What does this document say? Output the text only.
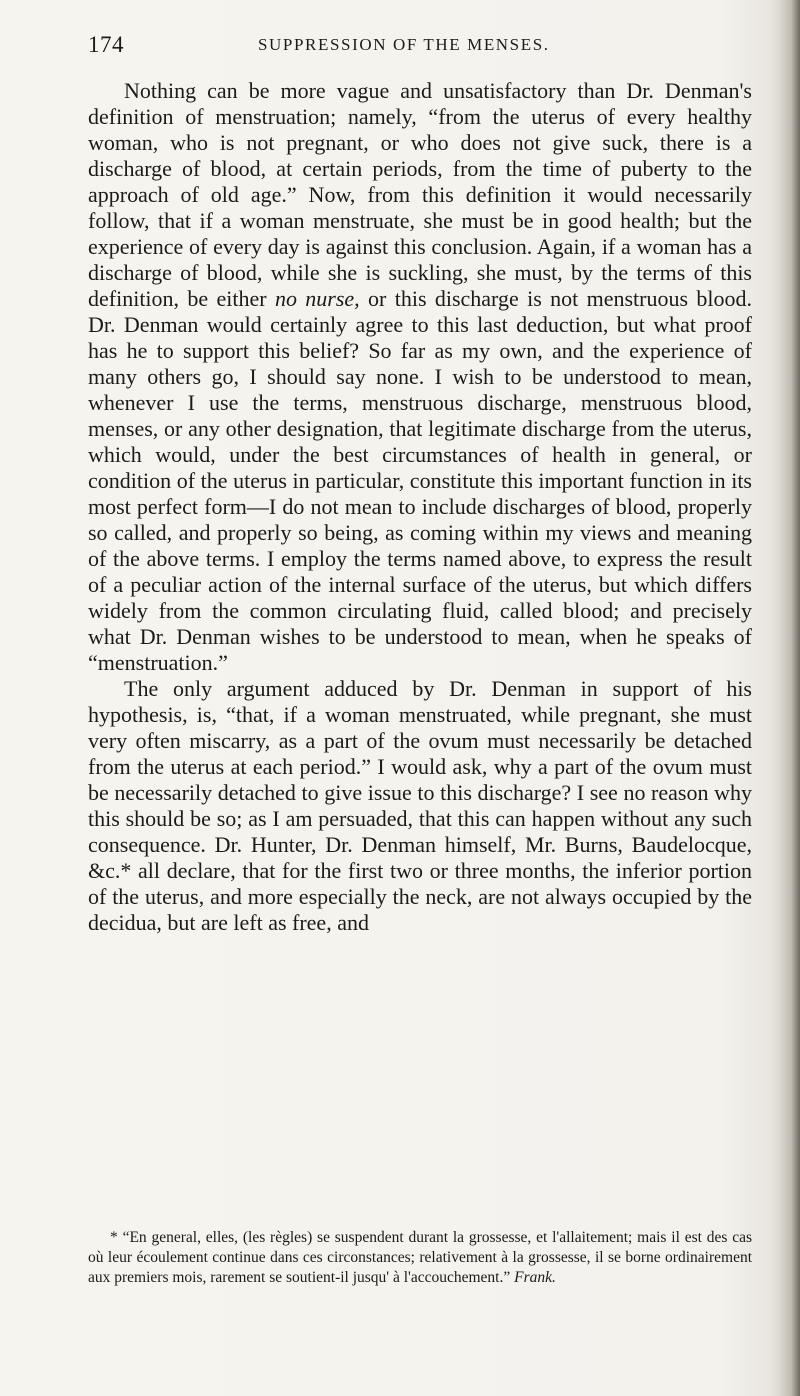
174	SUPPRESSION OF THE MENSES.

Nothing can be more vague and unsatisfactory than Dr. Denman's definition of menstruation; namely, “from the uterus of every healthy woman, who is not pregnant, or who does not give suck, there is a discharge of blood, at certain periods, from the time of puberty to the approach of old age.” Now, from this definition it would necessarily follow, that if a woman menstruate, she must be in good health; but the experience of every day is against this conclusion. Again, if a woman has a discharge of blood, while she is suckling, she must, by the terms of this definition, be either no nurse, or this discharge is not menstruous blood. Dr. Denman would certainly agree to this last deduction, but what proof has he to support this belief? So far as my own, and the experience of many others go, I should say none. I wish to be understood to mean, whenever I use the terms, menstruous discharge, menstruous blood, menses, or any other designation, that legitimate discharge from the uterus, which would, under the best circumstances of health in general, or condition of the uterus in particular, constitute this important function in its most perfect form—I do not mean to include discharges of blood, properly so called, and properly so being, as coming within my views and meaning of the above terms. I employ the terms named above, to express the result of a peculiar action of the internal surface of the uterus, but which differs widely from the common circulating fluid, called blood; and precisely what Dr. Denman wishes to be understood to mean, when he speaks of “menstruation.”

The only argument adduced by Dr. Denman in support of his hypothesis, is, “that, if a woman menstruated, while pregnant, she must very often miscarry, as a part of the ovum must necessarily be detached from the uterus at each period.” I would ask, why a part of the ovum must be necessarily detached to give issue to this discharge? I see no reason why this should be so; as I am persuaded, that this can happen without any such consequence. Dr. Hunter, Dr. Denman himself, Mr. Burns, Baudelocque, &c.* all declare, that for the first two or three months, the inferior portion of the uterus, and more especially the neck, are not always occupied by the decidua, but are left as free, and

* “En general, elles, (les règles) se suspendent durant la grossesse, et l'allaitement; mais il est des cas où leur écoulement continue dans ces circonstances; relativement à la grossesse, il se borne ordinairement aux premiers mois, rarement se soutient-il jusqu' à l'accouchement.” Frank.
